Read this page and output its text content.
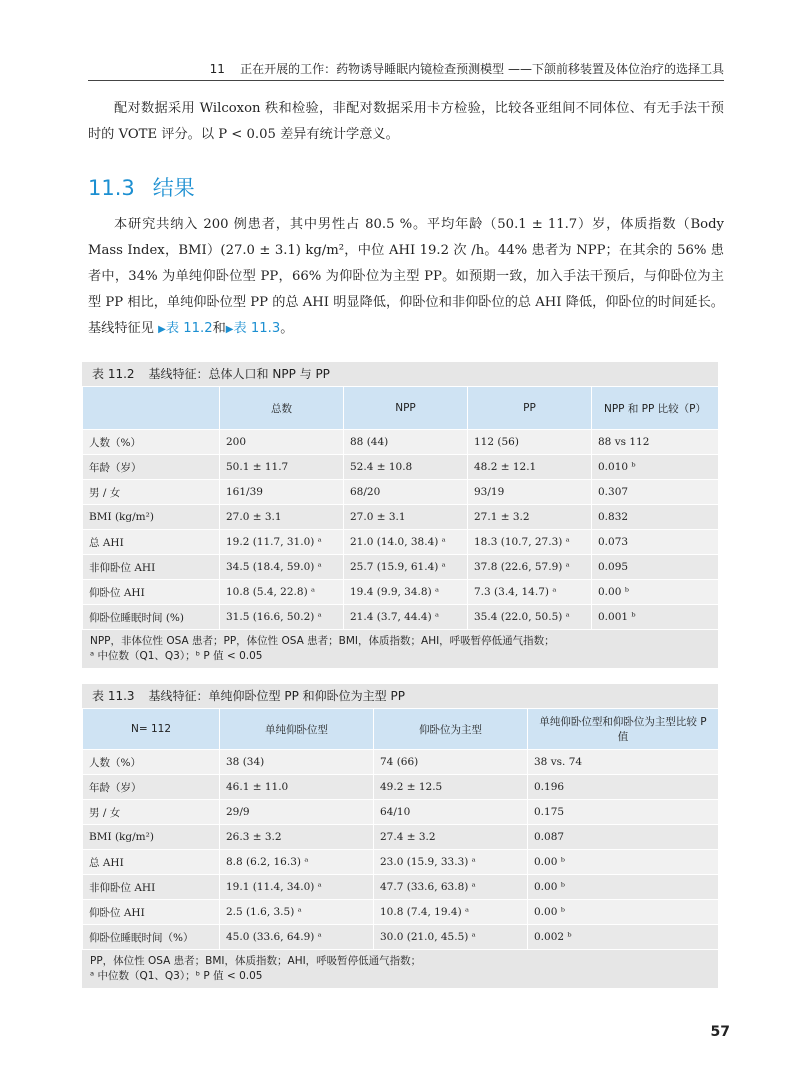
11 正在开展的工作：药物诱导睡眠内镜检查预测模型 ——下颌前移装置及体位治疗的选择工具
配对数据采用 Wilcoxon 秩和检验，非配对数据采用卡方检验，比较各亚组间不同体位、有无手法干预时的 VOTE 评分。以 P < 0.05 差异有统计学意义。
11.3 结果
本研究共纳入 200 例患者，其中男性占 80.5 %。平均年龄（50.1 ± 11.7）岁，体质指数（Body Mass Index，BMI）(27.0 ± 3.1) kg/m²，中位 AHI 19.2 次 /h。44% 患者为 NPP；在其余的 56% 患者中，34% 为单纯仰卧位型 PP，66% 为仰卧位为主型 PP。如预期一致，加入手法干预后，与仰卧位为主型 PP 相比，单纯仰卧位型 PP 的总 AHI 明显降低，仰卧位和非仰卧位的总 AHI 降低，仰卧位的时间延长。基线特征见 ▶表 11.2和▶表 11.3。
表 11.2 基线特征：总体人口和 NPP 与 PP
	总数	NPP	PP	NPP 和 PP 比较（P）
人数（%）	200	88 (44)	112 (56)	88 vs 112
年龄（岁）	50.1 ± 11.7	52.4 ± 10.8	48.2 ± 12.1	0.010 ᵇ
男 / 女	161/39	68/20	93/19	0.307
BMI (kg/m²)	27.0 ± 3.1	27.0 ± 3.1	27.1 ± 3.2	0.832
总 AHI	19.2 (11.7, 31.0) ᵃ	21.0 (14.0, 38.4) ᵃ	18.3 (10.7, 27.3) ᵃ	0.073
非仰卧位 AHI	34.5 (18.4, 59.0) ᵃ	25.7 (15.9, 61.4) ᵃ	37.8 (22.6, 57.9) ᵃ	0.095
仰卧位 AHI	10.8 (5.4, 22.8) ᵃ	19.4 (9.9, 34.8) ᵃ	7.3 (3.4, 14.7) ᵃ	0.00 ᵇ
仰卧位睡眠时间 (%)	31.5 (16.6, 50.2) ᵃ	21.4 (3.7, 44.4) ᵃ	35.4 (22.0, 50.5) ᵃ	0.001 ᵇ
NPP，非体位性 OSA 患者；PP，体位性 OSA 患者；BMI，体质指数；AHI，呼吸暂停低通气指数；
ᵃ 中位数（Q1、Q3）；ᵇ P 值 < 0.05
表 11.3 基线特征：单纯仰卧位型 PP 和仰卧位为主型 PP
N= 112	单纯仰卧位型	仰卧位为主型	单纯仰卧位型和仰卧位为主型比较 P 值
人数（%）	38 (34)	74 (66)	38 vs. 74
年龄（岁）	46.1 ± 11.0	49.2 ± 12.5	0.196
男 / 女	29/9	64/10	0.175
BMI (kg/m²)	26.3 ± 3.2	27.4 ± 3.2	0.087
总 AHI	8.8 (6.2, 16.3) ᵃ	23.0 (15.9, 33.3) ᵃ	0.00 ᵇ
非仰卧位 AHI	19.1 (11.4, 34.0) ᵃ	47.7 (33.6, 63.8) ᵃ	0.00 ᵇ
仰卧位 AHI	2.5 (1.6, 3.5) ᵃ	10.8 (7.4, 19.4) ᵃ	0.00 ᵇ
仰卧位睡眠时间（%）	45.0 (33.6, 64.9) ᵃ	30.0 (21.0, 45.5) ᵃ	0.002 ᵇ
PP，体位性 OSA 患者；BMI，体质指数；AHI，呼吸暂停低通气指数；
ᵃ 中位数（Q1、Q3）；ᵇ P 值 < 0.05
57
